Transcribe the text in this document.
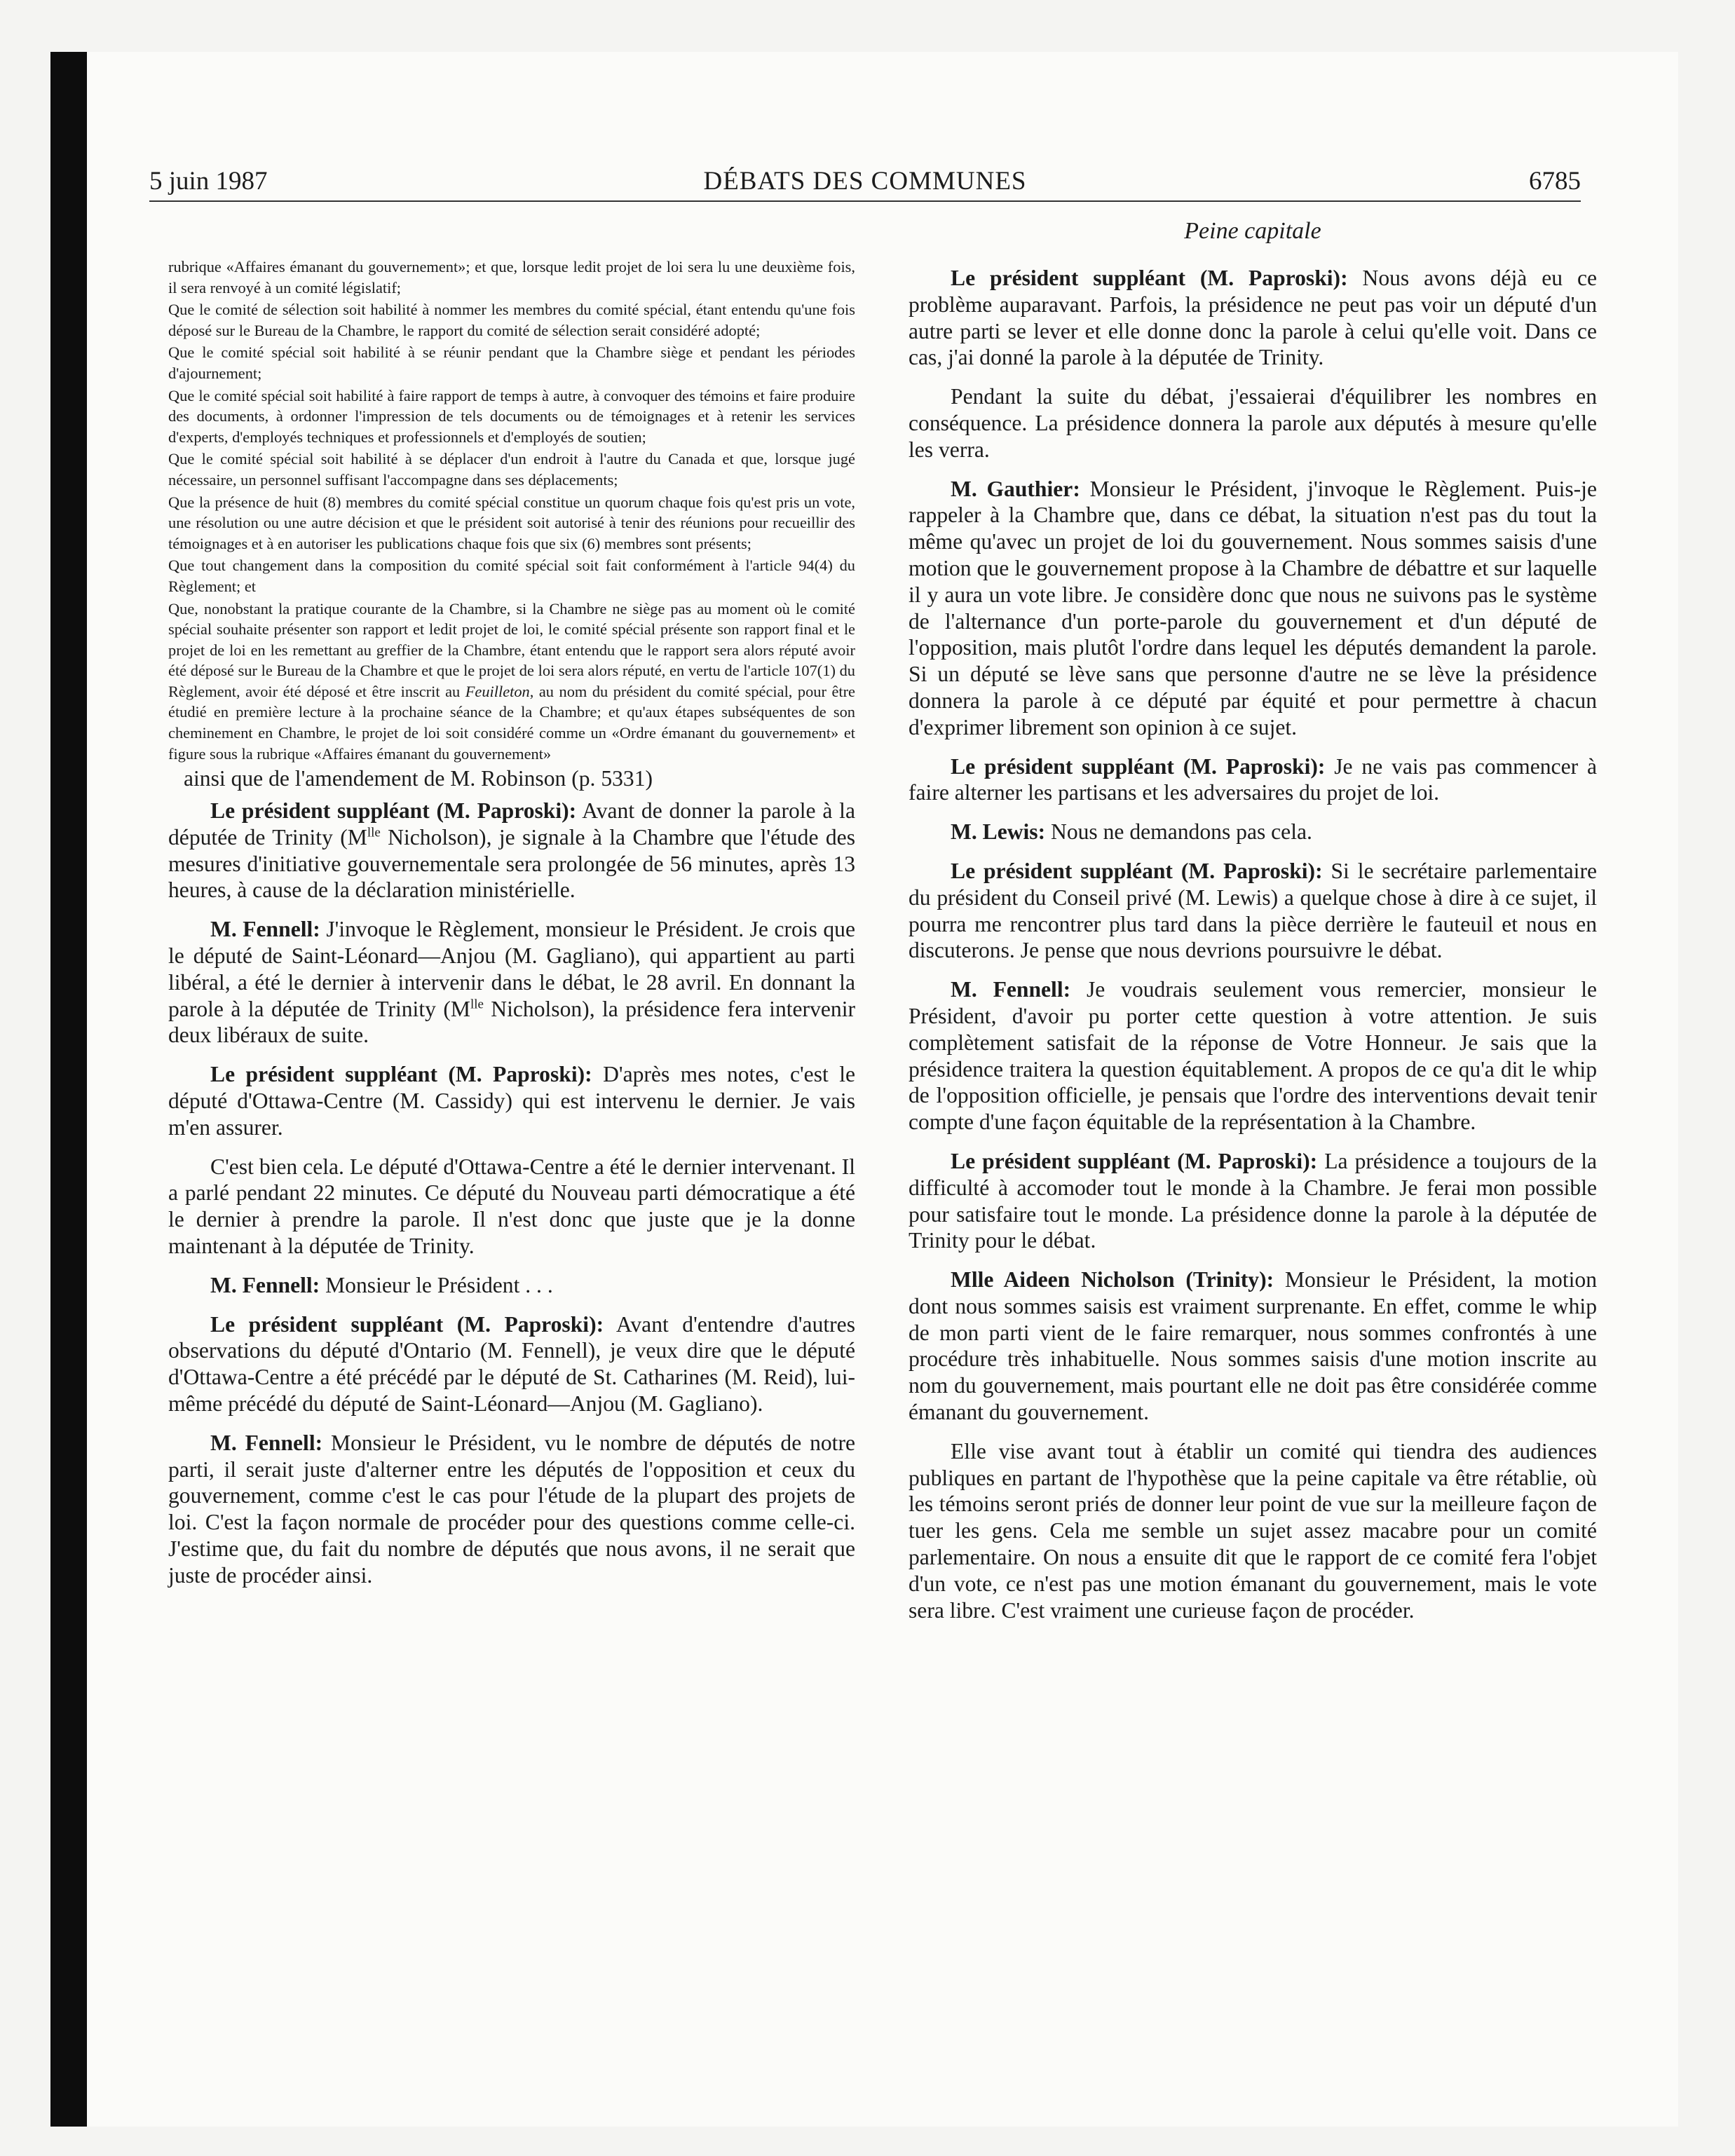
5 juin 1987	DÉBATS DES COMMUNES	6785

rubrique «Affaires émanant du gouvernement»; et que, lorsque ledit projet de loi sera lu une deuxième fois, il sera renvoyé à un comité législatif;

Que le comité de sélection soit habilité à nommer les membres du comité spécial, étant entendu qu'une fois déposé sur le Bureau de la Chambre, le rapport du comité de sélection serait considéré adopté;

Que le comité spécial soit habilité à se réunir pendant que la Chambre siège et pendant les périodes d'ajournement;

Que le comité spécial soit habilité à faire rapport de temps à autre, à convoquer des témoins et faire produire des documents, à ordonner l'impression de tels documents ou de témoignages et à retenir les services d'experts, d'employés techniques et professionnels et d'employés de soutien;

Que le comité spécial soit habilité à se déplacer d'un endroit à l'autre du Canada et que, lorsque jugé nécessaire, un personnel suffisant l'accompagne dans ses déplacements;

Que la présence de huit (8) membres du comité spécial constitue un quorum chaque fois qu'est pris un vote, une résolution ou une autre décision et que le président soit autorisé à tenir des réunions pour recueillir des témoignages et à en autoriser les publications chaque fois que six (6) membres sont présents;

Que tout changement dans la composition du comité spécial soit fait conformément à l'article 94(4) du Règlement; et

Que, nonobstant la pratique courante de la Chambre, si la Chambre ne siège pas au moment où le comité spécial souhaite présenter son rapport et ledit projet de loi, le comité spécial présente son rapport final et le projet de loi en les remettant au greffier de la Chambre, étant entendu que le rapport sera alors réputé avoir été déposé sur le Bureau de la Chambre et que le projet de loi sera alors réputé, en vertu de l'article 107(1) du Règlement, avoir été déposé et être inscrit au Feuilleton, au nom du président du comité spécial, pour être étudié en première lecture à la prochaine séance de la Chambre; et qu'aux étapes subséquentes de son cheminement en Chambre, le projet de loi soit considéré comme un «Ordre émanant du gouvernement» et figure sous la rubrique «Affaires émanant du gouvernement»

ainsi que de l'amendement de M. Robinson (p. 5331)

Le président suppléant (M. Paproski): Avant de donner la parole à la députée de Trinity ($M^{lle}$ Nicholson), je signale à la Chambre que l'étude des mesures d'initiative gouvernementale sera prolongée de 56 minutes, après 13 heures, à cause de la déclaration ministérielle.

M. Fennell: J'invoque le Règlement, monsieur le Président. Je crois que le député de Saint-Léonard—Anjou (M. Gagliano), qui appartient au parti libéral, a été le dernier à intervenir dans le débat, le 28 avril. En donnant la parole à la députée de Trinity ($M^{lle}$ Nicholson), la présidence fera intervenir deux libéraux de suite.

Le président suppléant (M. Paproski): D'après mes notes, c'est le député d'Ottawa-Centre (M. Cassidy) qui est intervenu le dernier. Je vais m'en assurer.

C'est bien cela. Le député d'Ottawa-Centre a été le dernier intervenant. Il a parlé pendant 22 minutes. Ce député du Nouveau parti démocratique a été le dernier à prendre la parole. Il n'est donc que juste que je la donne maintenant à la députée de Trinity.

M. Fennell: Monsieur le Président . . .

Le président suppléant (M. Paproski): Avant d'entendre d'autres observations du député d'Ontario (M. Fennell), je veux dire que le député d'Ottawa-Centre a été précédé par le député de St. Catharines (M. Reid), lui-même précédé du député de Saint-Léonard—Anjou (M. Gagliano).

M. Fennell: Monsieur le Président, vu le nombre de députés de notre parti, il serait juste d'alterner entre les députés de l'opposition et ceux du gouvernement, comme c'est le cas pour l'étude de la plupart des projets de loi. C'est la façon normale de procéder pour des questions comme celle-ci. J'estime que, du fait du nombre de députés que nous avons, il ne serait que juste de procéder ainsi.

Peine capitale

Le président suppléant (M. Paproski): Nous avons déjà eu ce problème auparavant. Parfois, la présidence ne peut pas voir un député d'un autre parti se lever et elle donne donc la parole à celui qu'elle voit. Dans ce cas, j'ai donné la parole à la députée de Trinity.

Pendant la suite du débat, j'essaierai d'équilibrer les nombres en conséquence. La présidence donnera la parole aux députés à mesure qu'elle les verra.

M. Gauthier: Monsieur le Président, j'invoque le Règlement. Puis-je rappeler à la Chambre que, dans ce débat, la situation n'est pas du tout la même qu'avec un projet de loi du gouvernement. Nous sommes saisis d'une motion que le gouvernement propose à la Chambre de débattre et sur laquelle il y aura un vote libre. Je considère donc que nous ne suivons pas le système de l'alternance d'un porte-parole du gouvernement et d'un député de l'opposition, mais plutôt l'ordre dans lequel les députés demandent la parole. Si un député se lève sans que personne d'autre ne se lève la présidence donnera la parole à ce député par équité et pour permettre à chacun d'exprimer librement son opinion à ce sujet.

Le président suppléant (M. Paproski): Je ne vais pas commencer à faire alterner les partisans et les adversaires du projet de loi.

M. Lewis: Nous ne demandons pas cela.

Le président suppléant (M. Paproski): Si le secrétaire parlementaire du président du Conseil privé (M. Lewis) a quelque chose à dire à ce sujet, il pourra me rencontrer plus tard dans la pièce derrière le fauteuil et nous en discuterons. Je pense que nous devrions poursuivre le débat.

M. Fennell: Je voudrais seulement vous remercier, monsieur le Président, d'avoir pu porter cette question à votre attention. Je suis complètement satisfait de la réponse de Votre Honneur. Je sais que la présidence traitera la question équitablement. A propos de ce qu'a dit le whip de l'opposition officielle, je pensais que l'ordre des interventions devait tenir compte d'une façon équitable de la représentation à la Chambre.

Le président suppléant (M. Paproski): La présidence a toujours de la difficulté à accomoder tout le monde à la Chambre. Je ferai mon possible pour satisfaire tout le monde. La présidence donne la parole à la députée de Trinity pour le débat.

Mlle Aideen Nicholson (Trinity): Monsieur le Président, la motion dont nous sommes saisis est vraiment surprenante. En effet, comme le whip de mon parti vient de le faire remarquer, nous sommes confrontés à une procédure très inhabituelle. Nous sommes saisis d'une motion inscrite au nom du gouvernement, mais pourtant elle ne doit pas être considérée comme émanant du gouvernement.

Elle vise avant tout à établir un comité qui tiendra des audiences publiques en partant de l'hypothèse que la peine capitale va être rétablie, où les témoins seront priés de donner leur point de vue sur la meilleure façon de tuer les gens. Cela me semble un sujet assez macabre pour un comité parlementaire. On nous a ensuite dit que le rapport de ce comité fera l'objet d'un vote, ce n'est pas une motion émanant du gouvernement, mais le vote sera libre. C'est vraiment une curieuse façon de procéder.
